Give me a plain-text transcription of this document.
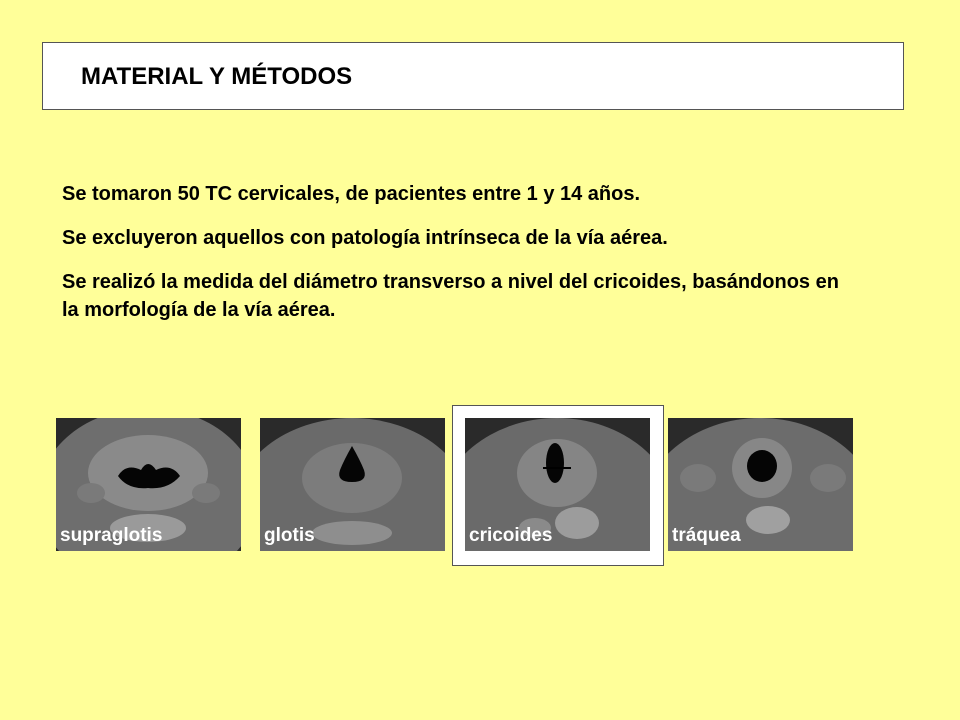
MATERIAL Y MÉTODOS

Se tomaron 50 TC cervicales, de pacientes entre 1 y 14 años.

Se excluyeron aquellos con patología intrínseca de la vía aérea.

Se realizó la medida del diámetro transverso a nivel del cricoides, basándonos en la morfología de la vía aérea.

supraglotis	glotis	cricoides	tráquea
